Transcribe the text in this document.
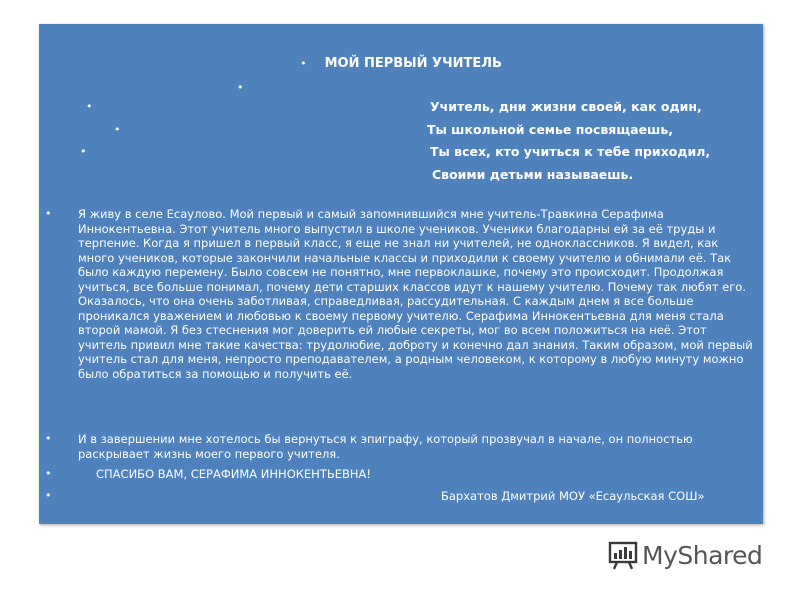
• МОЙ ПЕРВЫЙ УЧИТЕЛЬ
•
•	Учитель, дни жизни своей, как один,
•	Ты школьной семье посвящаешь,
•	Ты всех, кто учиться к тебе приходил,
Своими детьми называешь.
• Я живу в селе Есаулово. Мой первый и самый запомнившийся мне учитель-Травкина Серафима Иннокентьевна. Этот учитель много выпустил в школе учеников. Ученики благодарны ей за её труды и терпение. Когда я пришел в первый класс, я еще не знал ни учителей, не одноклассников. Я видел, как много учеников, которые закончили начальные классы и приходили к своему учителю и обнимали её. Так было каждую перемену. Было совсем не понятно, мне первоклашке, почему это происходит. Продолжая учиться, все больше понимал, почему дети старших классов идут к нашему учителю. Почему так любят его. Оказалось, что она очень заботливая, справедливая, рассудительная. С каждым днем я все больше проникался уважением и любовью к своему первому учителю. Серафима Иннокентьевна для меня стала второй мамой. Я без стеснения мог доверить ей любые секреты, мог во всем положиться на неё. Этот учитель привил мне такие качества: трудолюбие, доброту и конечно дал знания. Таким образом, мой первый учитель стал для меня, непросто преподавателем, а родным человеком, к которому в любую минуту можно было обратиться за помощью и получить её.
• И в завершении мне хотелось бы вернуться к эпиграфу, который прозвучал в начале, он полностью раскрывает жизнь моего первого учителя.
•	СПАСИБО ВАМ, СЕРАФИМА ИННОКЕНТЬЕВНА!
•	Бархатов Дмитрий МОУ «Есаульская СОШ»
MyShared
